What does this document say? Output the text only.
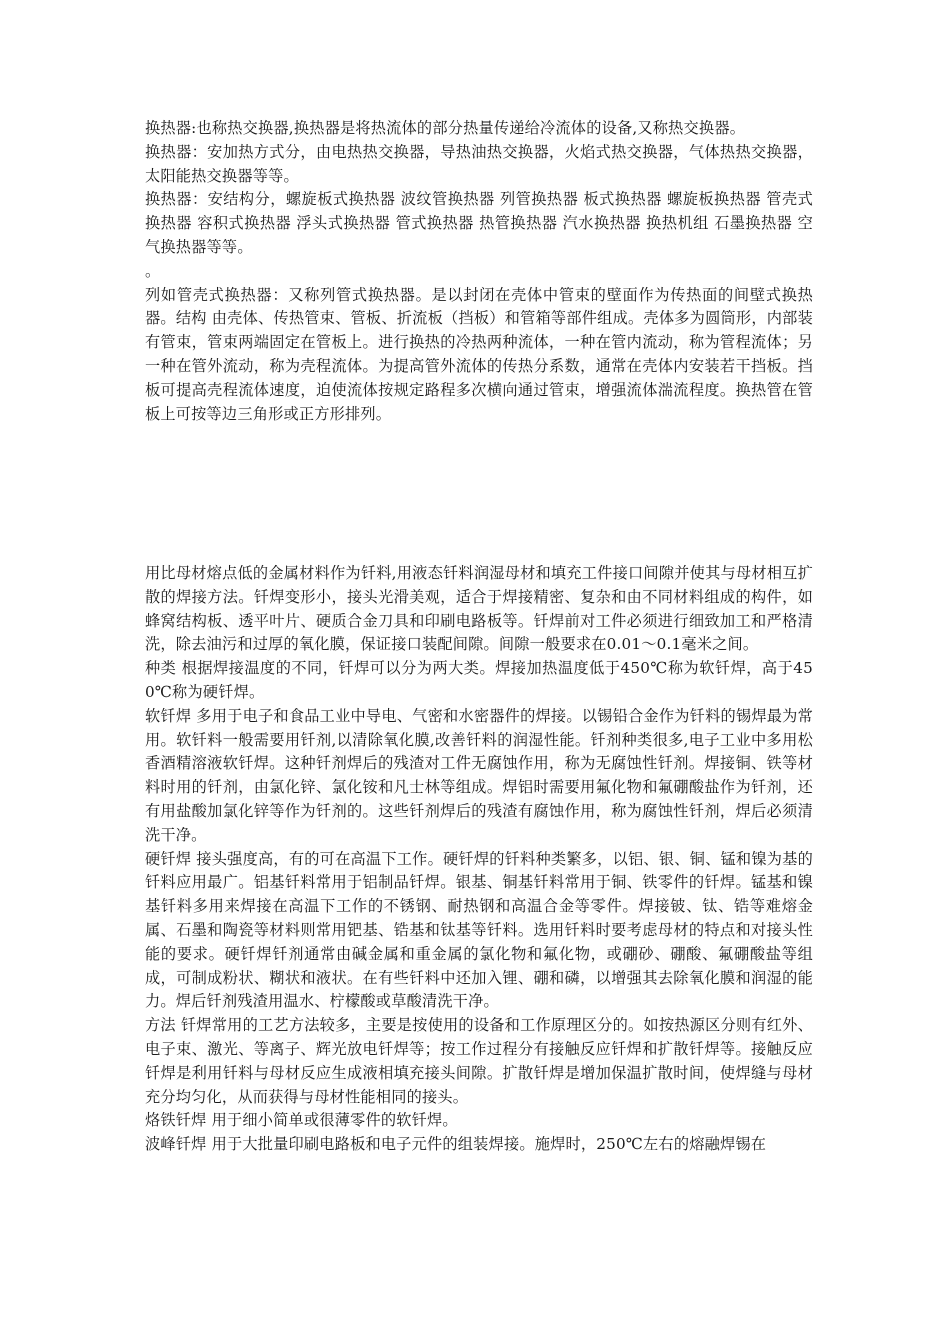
换热器:也称热交换器,换热器是将热流体的部分热量传递给冷流体的设备,又称热交换器。

换热器：安加热方式分，由电热热交换器，导热油热交换器，火焰式热交换器，气体热热交换器，太阳能热交换器等等。

换热器：安结构分，螺旋板式换热器 波纹管换热器 列管换热器 板式换热器 螺旋板换热器 管壳式换热器 容积式换热器 浮头式换热器 管式换热器 热管换热器 汽水换热器 换热机组 石墨换热器 空气换热器等等。

。

列如管壳式换热器：又称列管式换热器。是以封闭在壳体中管束的壁面作为传热面的间壁式换热器。结构 由壳体、传热管束、管板、折流板（挡板）和管箱等部件组成。壳体多为圆筒形，内部装有管束，管束两端固定在管板上。进行换热的冷热两种流体，一种在管内流动，称为管程流体；另一种在管外流动，称为壳程流体。为提高管外流体的传热分系数，通常在壳体内安装若干挡板。挡板可提高壳程流体速度，迫使流体按规定路程多次横向通过管束，增强流体湍流程度。换热管在管板上可按等边三角形或正方形排列。

用比母材熔点低的金属材料作为钎料,用液态钎料润湿母材和填充工件接口间隙并使其与母材相互扩散的焊接方法。钎焊变形小，接头光滑美观，适合于焊接精密、复杂和由不同材料组成的构件，如蜂窝结构板、透平叶片、硬质合金刀具和印刷电路板等。钎焊前对工件必须进行细致加工和严格清洗，除去油污和过厚的氧化膜，保证接口装配间隙。间隙一般要求在0.01～0.1毫米之间。

种类 根据焊接温度的不同，钎焊可以分为两大类。焊接加热温度低于450℃称为软钎焊，高于450℃称为硬钎焊。

软钎焊 多用于电子和食品工业中导电、气密和水密器件的焊接。以锡铅合金作为钎料的锡焊最为常用。软钎料一般需要用钎剂,以清除氧化膜,改善钎料的润湿性能。钎剂种类很多,电子工业中多用松香酒精溶液软钎焊。这种钎剂焊后的残渣对工件无腐蚀作用，称为无腐蚀性钎剂。焊接铜、铁等材料时用的钎剂，由氯化锌、氯化铵和凡士林等组成。焊铝时需要用氟化物和氟硼酸盐作为钎剂，还有用盐酸加氯化锌等作为钎剂的。这些钎剂焊后的残渣有腐蚀作用，称为腐蚀性钎剂，焊后必须清洗干净。

硬钎焊 接头强度高，有的可在高温下工作。硬钎焊的钎料种类繁多，以铝、银、铜、锰和镍为基的钎料应用最广。铝基钎料常用于铝制品钎焊。银基、铜基钎料常用于铜、铁零件的钎焊。锰基和镍基钎料多用来焊接在高温下工作的不锈钢、耐热钢和高温合金等零件。焊接铍、钛、锆等难熔金属、石墨和陶瓷等材料则常用钯基、锆基和钛基等钎料。选用钎料时要考虑母材的特点和对接头性能的要求。硬钎焊钎剂通常由碱金属和重金属的氯化物和氟化物，或硼砂、硼酸、氟硼酸盐等组成，可制成粉状、糊状和液状。在有些钎料中还加入锂、硼和磷，以增强其去除氧化膜和润湿的能力。焊后钎剂残渣用温水、柠檬酸或草酸清洗干净。

方法 钎焊常用的工艺方法较多，主要是按使用的设备和工作原理区分的。如按热源区分则有红外、电子束、激光、等离子、辉光放电钎焊等；按工作过程分有接触反应钎焊和扩散钎焊等。接触反应钎焊是利用钎料与母材反应生成液相填充接头间隙。扩散钎焊是增加保温扩散时间，使焊缝与母材充分均匀化，从而获得与母材性能相同的接头。

烙铁钎焊 用于细小简单或很薄零件的软钎焊。

波峰钎焊 用于大批量印刷电路板和电子元件的组装焊接。施焊时，250℃左右的熔融焊锡在
